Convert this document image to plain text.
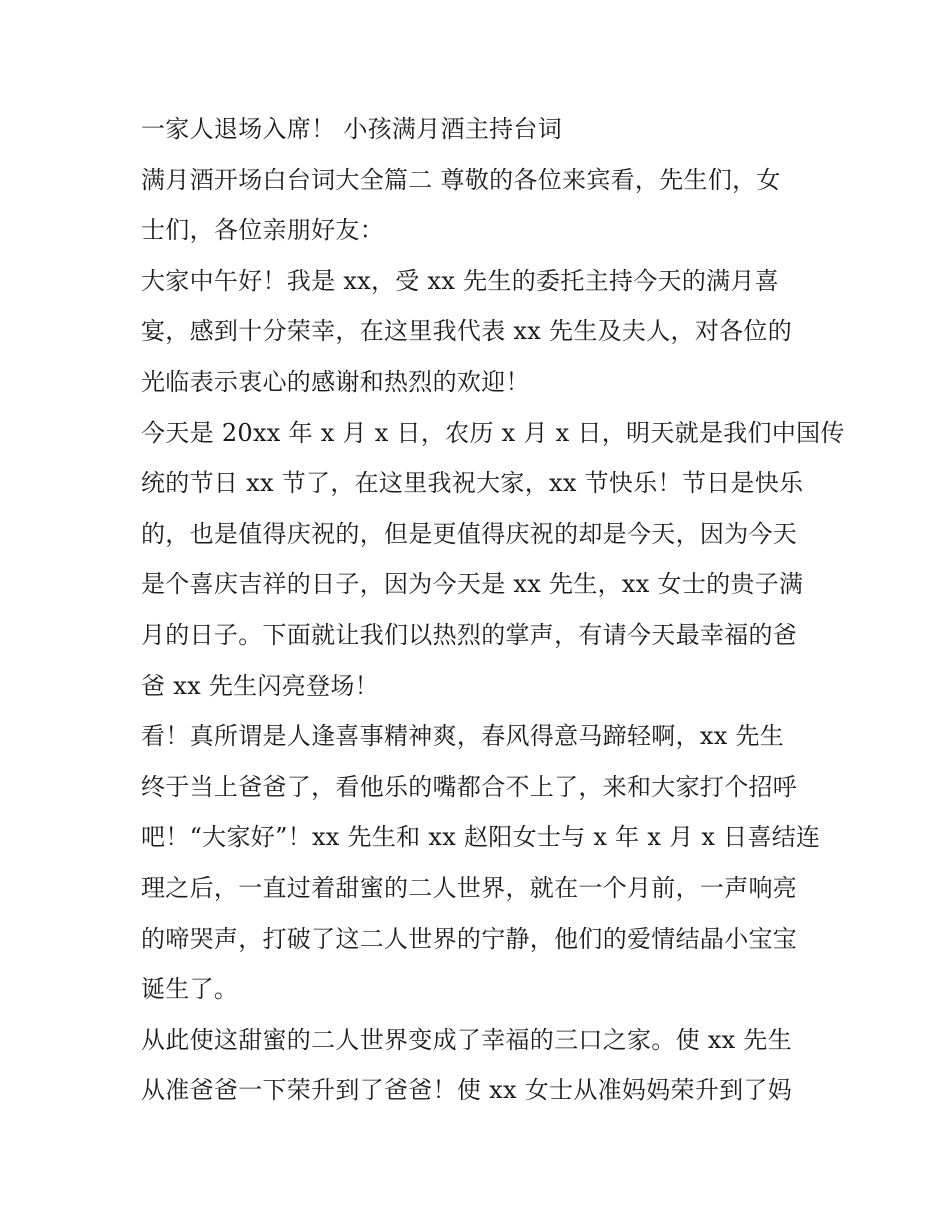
一家人退场入席！ 小孩满月酒主持台词
满月酒开场白台词大全篇二 尊敬的各位来宾看，先生们，女
士们，各位亲朋好友：
大家中午好！我是 xx，受 xx 先生的委托主持今天的满月喜
宴，感到十分荣幸，在这里我代表 xx 先生及夫人，对各位的
光临表示衷心的感谢和热烈的欢迎！
今天是 20xx 年 x 月 x 日，农历 x 月 x 日，明天就是我们中国传
统的节日 xx 节了，在这里我祝大家，xx 节快乐！节日是快乐
的，也是值得庆祝的，但是更值得庆祝的却是今天，因为今天
是个喜庆吉祥的日子，因为今天是 xx 先生，xx 女士的贵子满
月的日子。下面就让我们以热烈的掌声，有请今天最幸福的爸
爸 xx 先生闪亮登场！
看！真所谓是人逢喜事精神爽，春风得意马蹄轻啊，xx 先生
终于当上爸爸了，看他乐的嘴都合不上了，来和大家打个招呼
吧！“大家好”！xx 先生和 xx 赵阳女士与 x 年 x 月 x 日喜结连
理之后，一直过着甜蜜的二人世界，就在一个月前，一声响亮
的啼哭声，打破了这二人世界的宁静，他们的爱情结晶小宝宝
诞生了。
从此使这甜蜜的二人世界变成了幸福的三口之家。使 xx 先生
从准爸爸一下荣升到了爸爸！使 xx 女士从准妈妈荣升到了妈
